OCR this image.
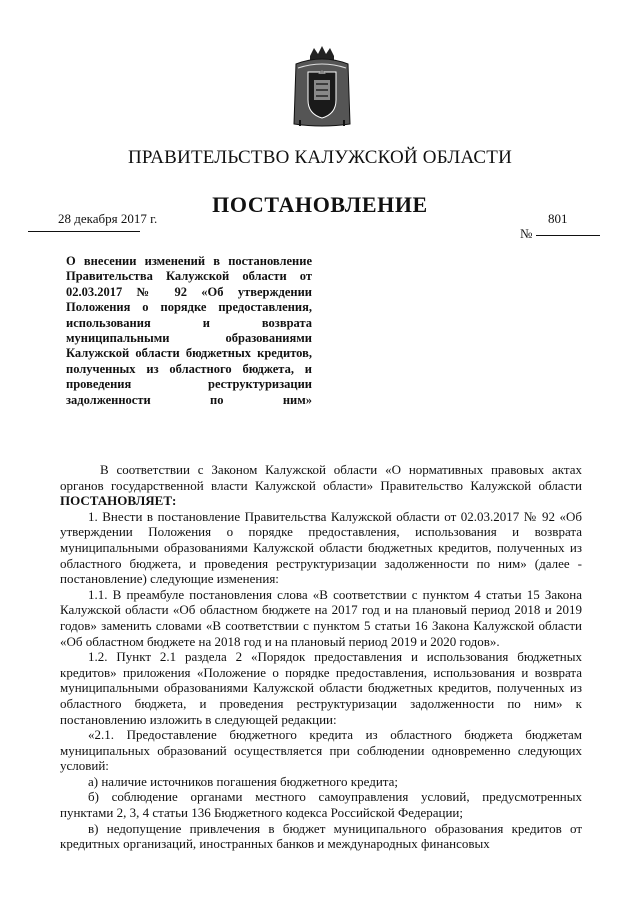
ПРАВИТЕЛЬСТВО КАЛУЖСКОЙ ОБЛАСТИ
ПОСТАНОВЛЕНИЕ
28 декабря 2017 г.	801
№
О внесении изменений в постановление Правительства Калужской области от 02.03.2017 № 92 «Об утверждении Положения о порядке предоставления, использования и возврата муниципальными образованиями Калужской области бюджетных кредитов, полученных из областного бюджета, и проведения реструктуризации задолженности по ним»

В соответствии с Законом Калужской области «О нормативных правовых актах органов государственной власти Калужской области» Правительство Калужской области ПОСТАНОВЛЯЕТ:

1. Внести в постановление Правительства Калужской области от 02.03.2017 № 92 «Об утверждении Положения о порядке предоставления, использования и возврата муниципальными образованиями Калужской области бюджетных кредитов, полученных из областного бюджета, и проведения реструктуризации задолженности по ним» (далее - постановление) следующие изменения:

1.1. В преамбуле постановления слова «В соответствии с пунктом 4 статьи 15 Закона Калужской области «Об областном бюджете на 2017 год и на плановый период 2018 и 2019 годов» заменить словами «В соответствии с пунктом 5 статьи 16 Закона Калужской области «Об областном бюджете на 2018 год и на плановый период 2019 и 2020 годов».

1.2. Пункт 2.1 раздела 2 «Порядок предоставления и использования бюджетных кредитов» приложения «Положение о порядке предоставления, использования и возврата муниципальными образованиями Калужской области бюджетных кредитов, полученных из областного бюджета, и проведения реструктуризации задолженности по ним» к постановлению изложить в следующей редакции:

«2.1. Предоставление бюджетного кредита из областного бюджета бюджетам муниципальных образований осуществляется при соблюдении одновременно следующих условий:

а) наличие источников погашения бюджетного кредита;

б) соблюдение органами местного самоуправления условий, предусмотренных пунктами 2, 3, 4 статьи 136 Бюджетного кодекса Российской Федерации;

в) недопущение привлечения в бюджет муниципального образования кредитов от кредитных организаций, иностранных банков и международных финансовых
